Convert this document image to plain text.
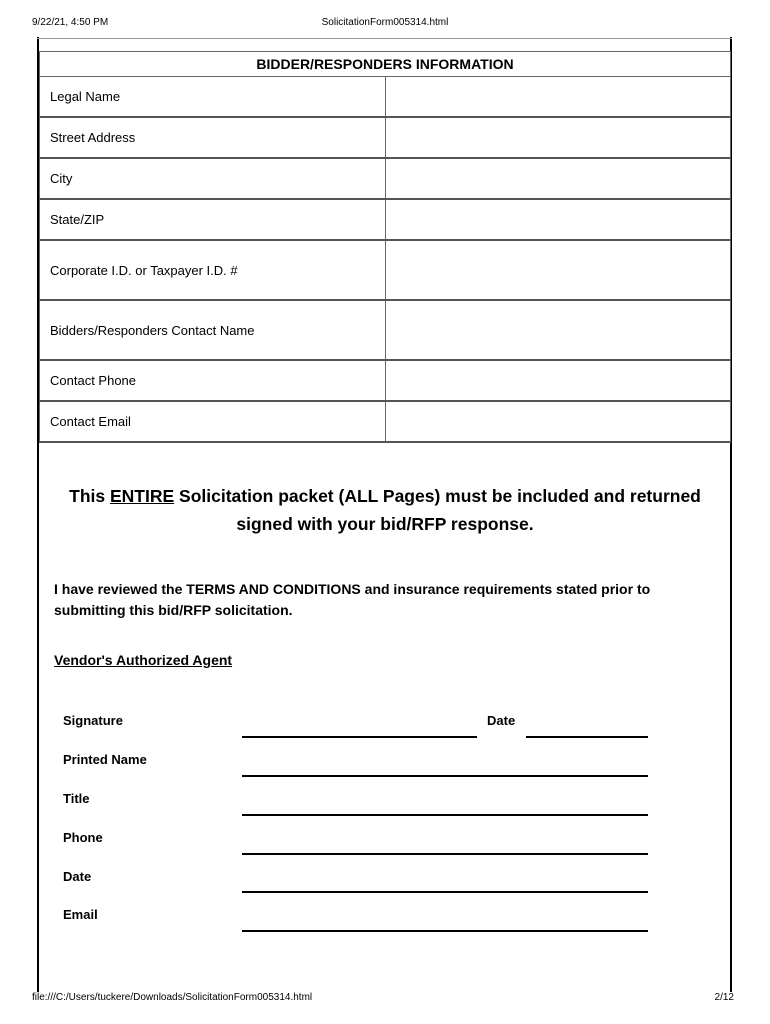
9/22/21, 4:50 PM	SolicitationForm005314.html
BIDDER/RESPONDERS INFORMATION	
Legal Name	
Street Address	
City	
State/ZIP	
Corporate I.D. or Taxpayer I.D. #	
Bidders/Responders Contact Name	
Contact Phone	
Contact Email	
This ENTIRE Solicitation packet (ALL Pages) must be included and returned signed with your bid/RFP response.
I have reviewed the TERMS AND CONDITIONS and insurance requirements stated prior to submitting this bid/RFP solicitation.
Vendor's Authorized Agent
Signature	Date
Printed Name
Title
Phone
Date
Email
file:///C:/Users/tuckere/Downloads/SolicitationForm005314.html	2/12
